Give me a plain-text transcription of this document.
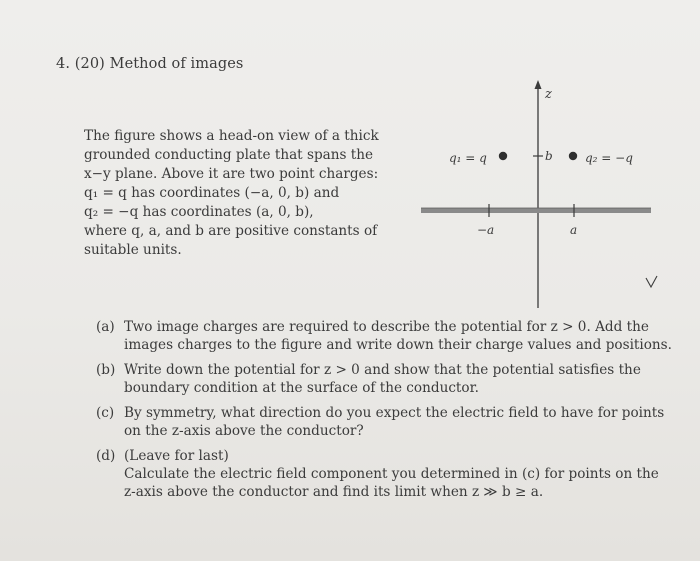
4. (20) Method of images
The figure shows a head-on view of a thick
grounded conducting plate that spans the
x−y plane. Above it are two point charges:
q₁ = q has coordinates (−a, 0, b) and
q₂ = −q has coordinates (a, 0, b),
where q, a, and b are positive constants of
suitable units.
z
b
q₁ = q	q₂ = −q
−a	a
(a) Two image charges are required to describe the potential for z > 0. Add the
images charges to the figure and write down their charge values and positions.
(b) Write down the potential for z > 0 and show that the potential satisfies the
boundary condition at the surface of the conductor.
(c) By symmetry, what direction do you expect the electric field to have for points
on the z-axis above the conductor?
(d) (Leave for last)
Calculate the electric field component you determined in (c) for points on the
z-axis above the conductor and find its limit when z ≫ b ≥ a.
